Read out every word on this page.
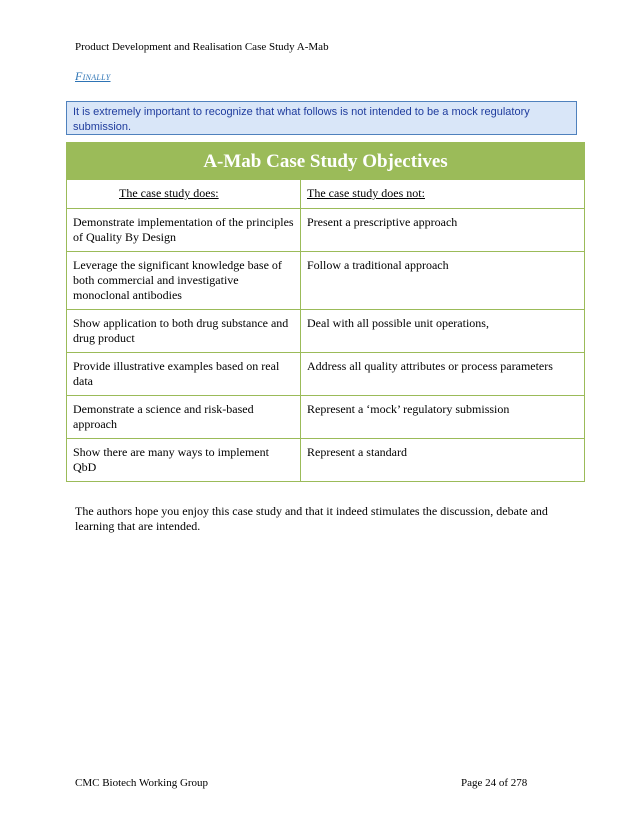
Product Development and Realisation Case Study A-Mab
Finally
It is extremely important to recognize that what follows is not intended to be a mock regulatory submission.
A-Mab Case Study Objectives	
The case study does:	The case study does not:
Demonstrate implementation of the principles of Quality By Design	Present a prescriptive approach
Leverage the significant knowledge base of both commercial and investigative monoclonal antibodies	Follow a traditional approach
Show application to both drug substance and drug product	Deal with all possible unit operations,
Provide illustrative examples based on real data	Address all quality attributes or process parameters
Demonstrate a science and risk-based approach	Represent a ‘mock’ regulatory submission
Show there are many ways to implement QbD	Represent a standard
The authors hope you enjoy this case study and that it indeed stimulates the discussion, debate and learning that are intended.
CMC Biotech Working Group	Page 24 of 278
